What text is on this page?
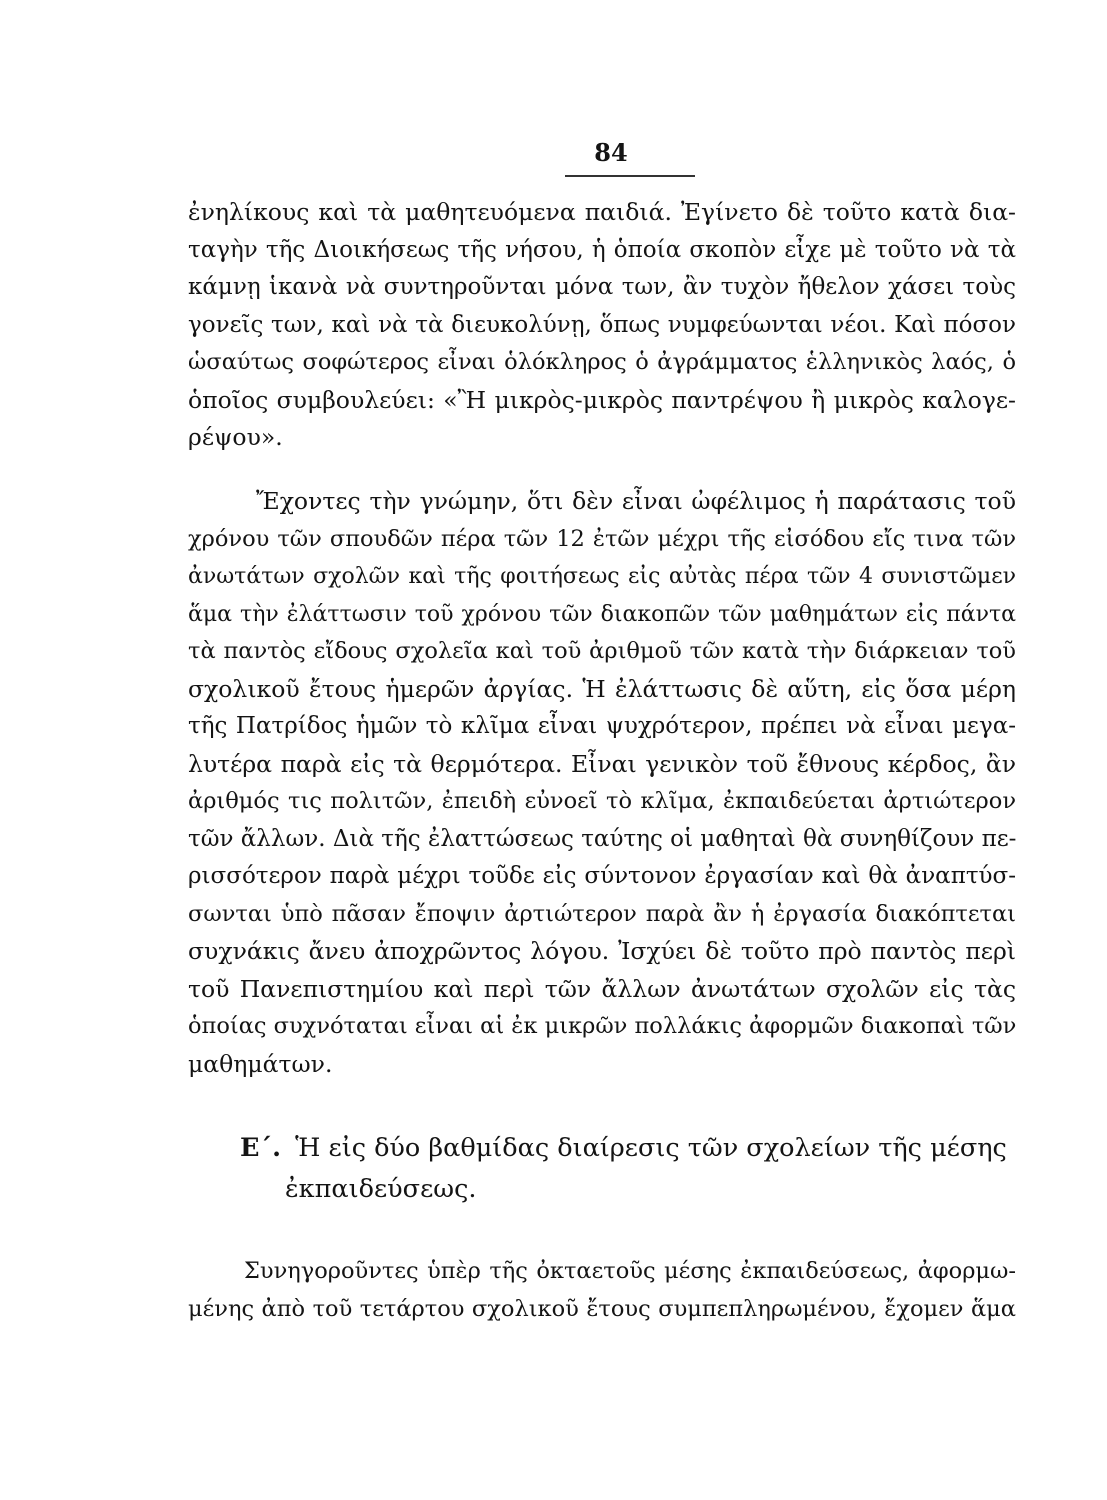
84
ἐνηλίκους καὶ τὰ μαθητευόμενα παιδιά. Ἐγίνετο δὲ τοῦτο κατὰ δια-
ταγὴν τῆς Διοικήσεως τῆς νήσου, ἡ ὁποία σκοπὸν εἶχε μὲ τοῦτο νὰ τὰ
κάμνῃ ἱκανὰ νὰ συντηροῦνται μόνα των, ἂν τυχὸν ἤθελον χάσει τοὺς
γονεῖς των, καὶ νὰ τὰ διευκολύνῃ, ὅπως νυμφεύωνται νέοι. Καὶ πόσον
ὡσαύτως σοφώτερος εἶναι ὁλόκληρος ὁ ἀγράμματος ἑλληνικὸς λαός, ὁ
ὁποῖος συμβουλεύει: «Ἢ μικρὸς-μικρὸς παντρέψου ἢ μικρὸς καλογε-
ρέψου».
Ἔχοντες τὴν γνώμην, ὅτι δὲν εἶναι ὠφέλιμος ἡ παράτασις τοῦ
χρόνου τῶν σπουδῶν πέρα τῶν 12 ἐτῶν μέχρι τῆς εἰσόδου εἴς τινα τῶν
ἀνωτάτων σχολῶν καὶ τῆς φοιτήσεως εἰς αὐτὰς πέρα τῶν 4 συνιστῶμεν
ἅμα τὴν ἐλάττωσιν τοῦ χρόνου τῶν διακοπῶν τῶν μαθημάτων εἰς πάντα
τὰ παντὸς εἴδους σχολεῖα καὶ τοῦ ἀριθμοῦ τῶν κατὰ τὴν διάρκειαν τοῦ
σχολικοῦ ἔτους ἡμερῶν ἀργίας. Ἡ ἐλάττωσις δὲ αὕτη, εἰς ὅσα μέρη
τῆς Πατρίδος ἡμῶν τὸ κλῖμα εἶναι ψυχρότερον, πρέπει νὰ εἶναι μεγα-
λυτέρα παρὰ εἰς τὰ θερμότερα. Εἶναι γενικὸν τοῦ ἔθνους κέρδος, ἂν
ἀριθμός τις πολιτῶν, ἐπειδὴ εὐνοεῖ τὸ κλῖμα, ἐκπαιδεύεται ἀρτιώτερον
τῶν ἄλλων. Διὰ τῆς ἐλαττώσεως ταύτης οἱ μαθηταὶ θὰ συνηθίζουν πε-
ρισσότερον παρὰ μέχρι τοῦδε εἰς σύντονον ἐργασίαν καὶ θὰ ἀναπτύσ-
σωνται ὑπὸ πᾶσαν ἔποψιν ἀρτιώτερον παρὰ ἂν ἡ ἐργασία διακόπτεται
συχνάκις ἄνευ ἀποχρῶντος λόγου. Ἰσχύει δὲ τοῦτο πρὸ παντὸς περὶ
τοῦ Πανεπιστημίου καὶ περὶ τῶν ἄλλων ἀνωτάτων σχολῶν εἰς τὰς
ὁποίας συχνόταται εἶναι αἱ ἐκ μικρῶν πολλάκις ἀφορμῶν διακοπαὶ τῶν
μαθημάτων.
Ε΄. Ἡ εἰς δύο βαθμίδας διαίρεσις τῶν σχολείων τῆς μέσης
ἐκπαιδεύσεως.
Συνηγοροῦντες ὑπὲρ τῆς ὀκταετοῦς μέσης ἐκπαιδεύσεως, ἀφορμω-
μένης ἀπὸ τοῦ τετάρτου σχολικοῦ ἔτους συμπεπληρωμένου, ἔχομεν ἅμα
